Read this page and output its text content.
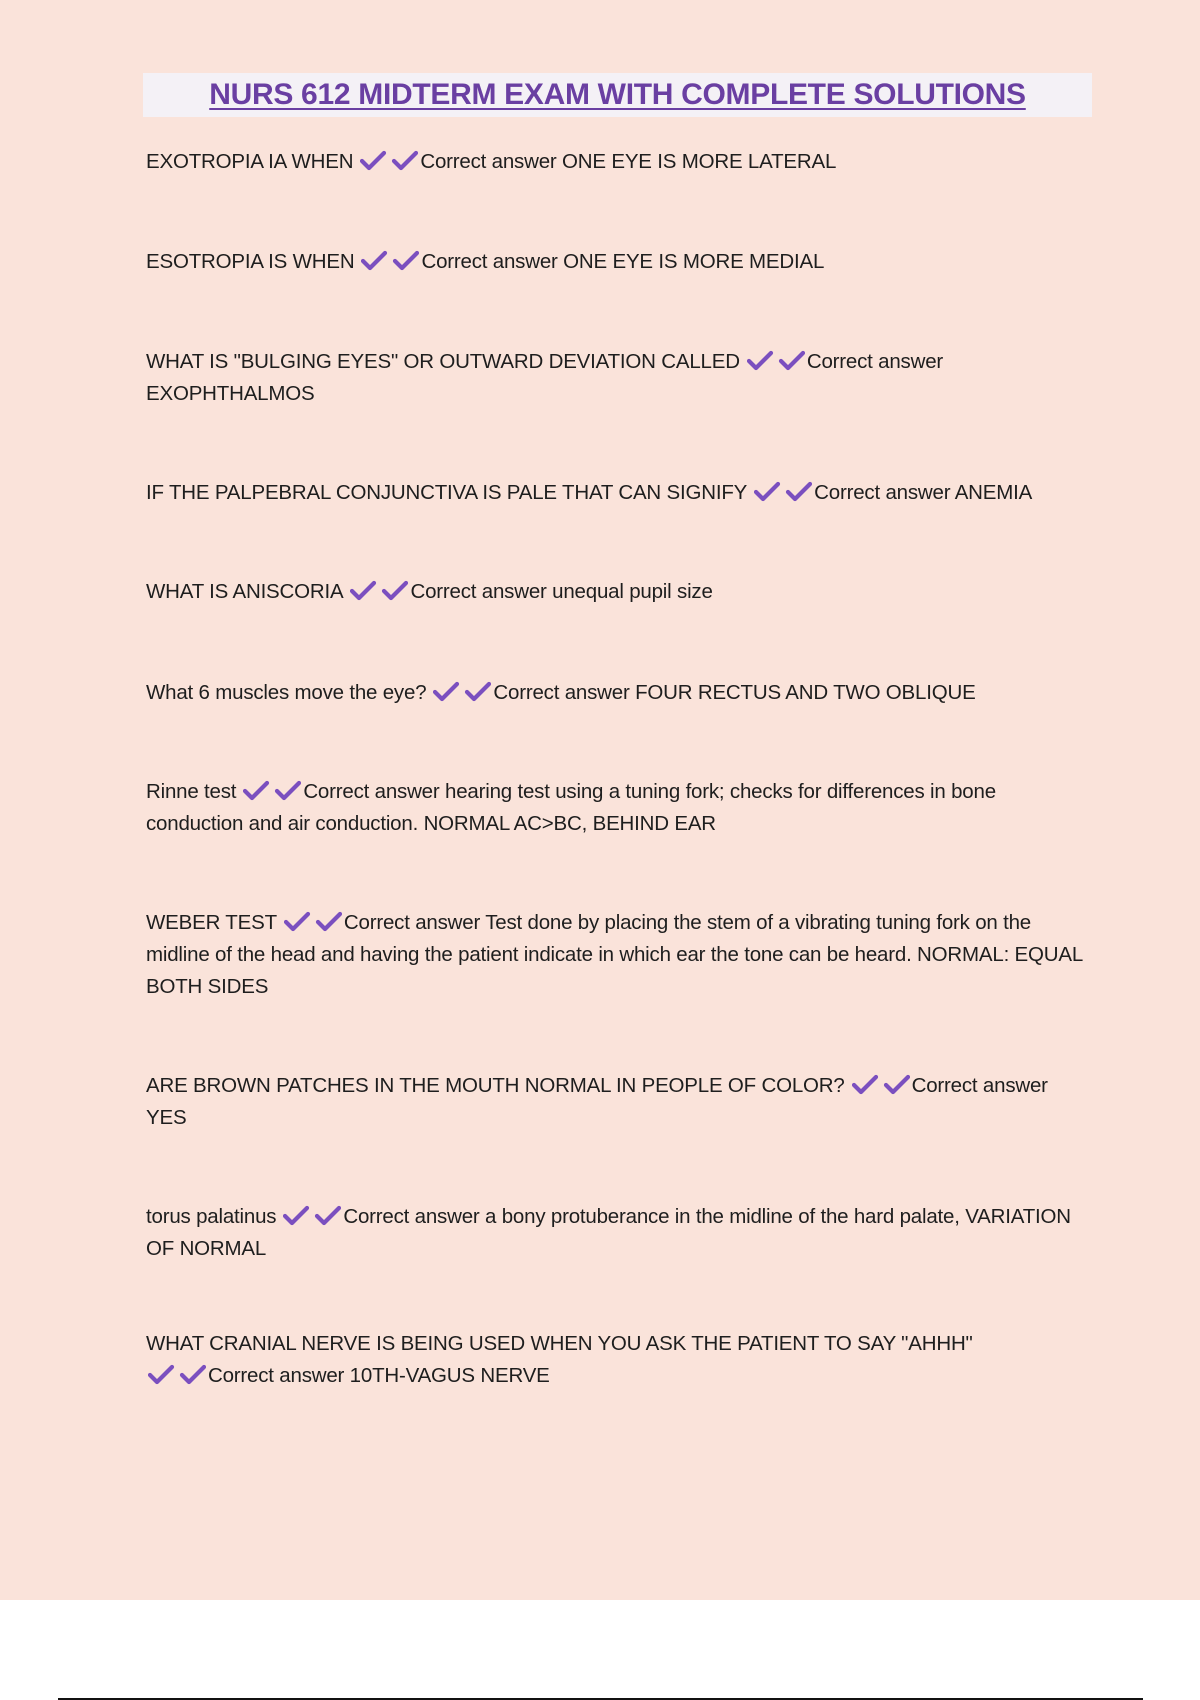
NURS 612 MIDTERM EXAM WITH COMPLETE SOLUTIONS
EXOTROPIA IA WHEN	Correct answer ONE EYE IS MORE LATERAL
ESOTROPIA IS WHEN	Correct answer ONE EYE IS MORE MEDIAL
WHAT IS "BULGING EYES" OR OUTWARD DEVIATION CALLED	Correct answer EXOPHTHALMOS
IF THE PALPEBRAL CONJUNCTIVA IS PALE THAT CAN SIGNIFY	Correct answer ANEMIA
WHAT IS ANISCORIA	Correct answer unequal pupil size
What 6 muscles move the eye?	Correct answer FOUR RECTUS AND TWO OBLIQUE
Rinne test	Correct answer hearing test using a tuning fork; checks for differences in bone conduction and air conduction. NORMAL AC>BC, BEHIND EAR
WEBER TEST	Correct answer Test done by placing the stem of a vibrating tuning fork on the midline of the head and having the patient indicate in which ear the tone can be heard. NORMAL: EQUAL BOTH SIDES
ARE BROWN PATCHES IN THE MOUTH NORMAL IN PEOPLE OF COLOR?	Correct answer YES
torus palatinus	Correct answer a bony protuberance in the midline of the hard palate, VARIATION OF NORMAL
WHAT CRANIAL NERVE IS BEING USED WHEN YOU ASK THE PATIENT TO SAY "AHHH"

Correct answer 10TH-VAGUS NERVE
